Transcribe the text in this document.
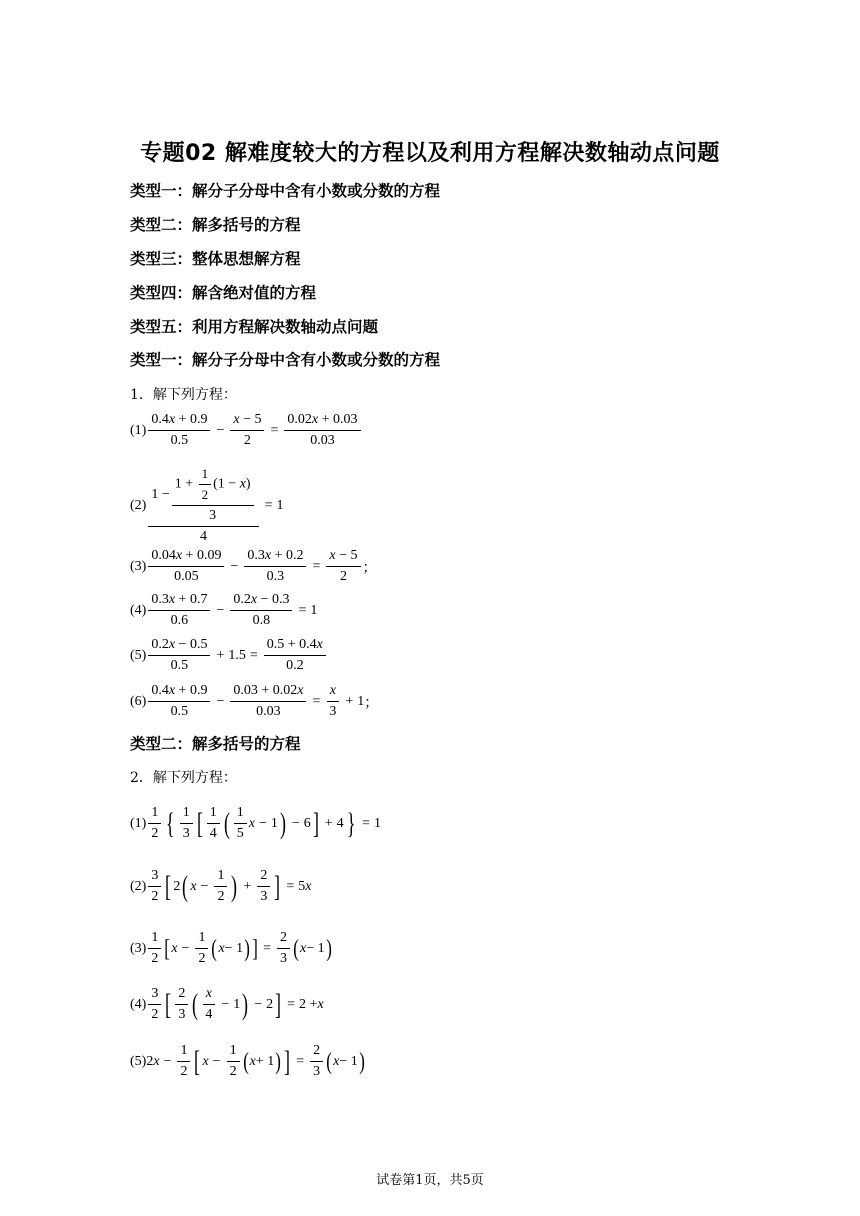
专题02 解难度较大的方程以及利用方程解决数轴动点问题
类型一：解分子分母中含有小数或分数的方程
类型二：解多括号的方程
类型三：整体思想解方程
类型四：解含绝对值的方程
类型五：利用方程解决数轴动点问题
类型一：解分子分母中含有小数或分数的方程
1．解下列方程：
$(1) \frac{0.4x + 0.9}{0.5} - \frac{x - 5}{2} = \frac{0.02x + 0.03}{0.03}$
$(2) \frac{1 - \frac{1 + \frac{1}{2} (1 - x)}{3}}{4} = 1$
$(3) \frac{0.04x + 0.09}{0.05} - \frac{0.3x + 0.2}{0.3} = \frac{x - 5}{2}$ ；
$(4) \frac{0.3x + 0.7}{0.6} - \frac{0.2x - 0.3}{0.8} = 1$
$(5) \frac{0.2x - 0.5}{0.5} + 1.5 = \frac{0.5 + 0.4x}{0.2}$
$(6) \frac{0.4x + 0.9}{0.5} - \frac{0.03 + 0.02x}{0.03} = \frac{x}{3} + 1$ ；
类型二：解多括号的方程
2．解下列方程：
$(1) \frac{1}{2}$ { $\frac{1}{3}$ [ $\frac{1}{4}$ ( $\frac{1}{5}$ x − 1 ) − 6 ] + 4 } = 1
$(2) \frac{3}{2}$ [ 2 ( $x - \frac{1}{2}$ ) + $\frac{2}{3}$ ] = 5 x
$(3) \frac{1}{2}$ [ $x - \frac{1}{2}$ ( x − 1 ) ] = $\frac{2}{3}$ ( x − 1 )
$(4) \frac{3}{2}$ [ $\frac{2}{3}$ ( $\frac{x}{4} - 1$ ) − 2 ] = 2 + x
(5) $2x - \frac{1}{2}$ [ $x - \frac{1}{2}$ ( x + 1 ) ] = $\frac{2}{3}$ ( x − 1 )
试卷第1页，共5页
